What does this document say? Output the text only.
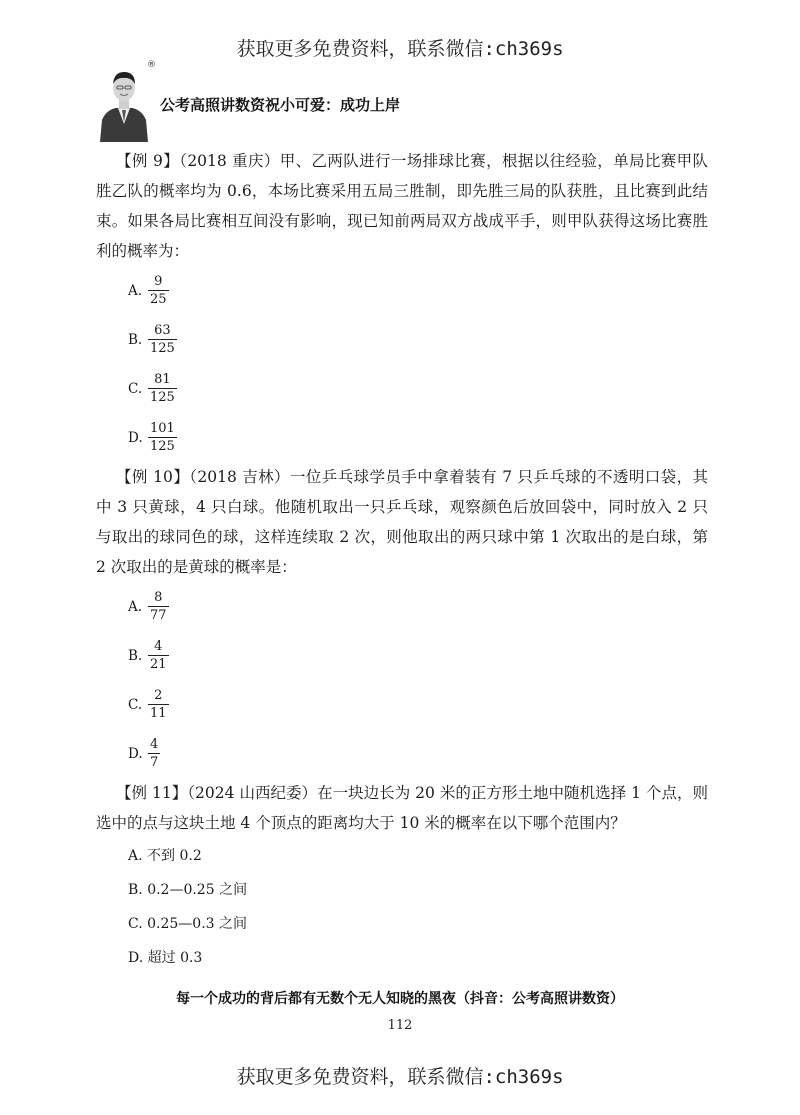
获取更多免费资料，联系微信:ch369s
®
公考高照讲数资祝小可爱：成功上岸

【例 9】（2018 重庆）甲、乙两队进行一场排球比赛，根据以往经验，单局比赛甲队胜乙队的概率均为 0.6，本场比赛采用五局三胜制，即先胜三局的队获胜，且比赛到此结束。如果各局比赛相互间没有影响，现已知前两局双方战成平手，则甲队获得这场比赛胜利的概率为：

A. $\frac{9}{25}$
B. $\frac{63}{125}$
C. $\frac{81}{125}$
D. $\frac{101}{125}$

【例 10】（2018 吉林）一位乒乓球学员手中拿着装有 7 只乒乓球的不透明口袋，其中 3 只黄球，4 只白球。他随机取出一只乒乓球，观察颜色后放回袋中，同时放入 2 只与取出的球同色的球，这样连续取 2 次，则他取出的两只球中第 1 次取出的是白球，第 2 次取出的是黄球的概率是：

A. $\frac{8}{77}$
B. $\frac{4}{21}$
C. $\frac{2}{11}$
D. $\frac{4}{7}$

【例 11】（2024 山西纪委）在一块边长为 20 米的正方形土地中随机选择 1 个点，则选中的点与这块土地 4 个顶点的距离均大于 10 米的概率在以下哪个范围内？

A. 不到 0.2
B. 0.2—0.25 之间
C. 0.25—0.3 之间
D. 超过 0.3
每一个成功的背后都有无数个无人知晓的黑夜（抖音：公考高照讲数资）
112
获取更多免费资料，联系微信:ch369s
